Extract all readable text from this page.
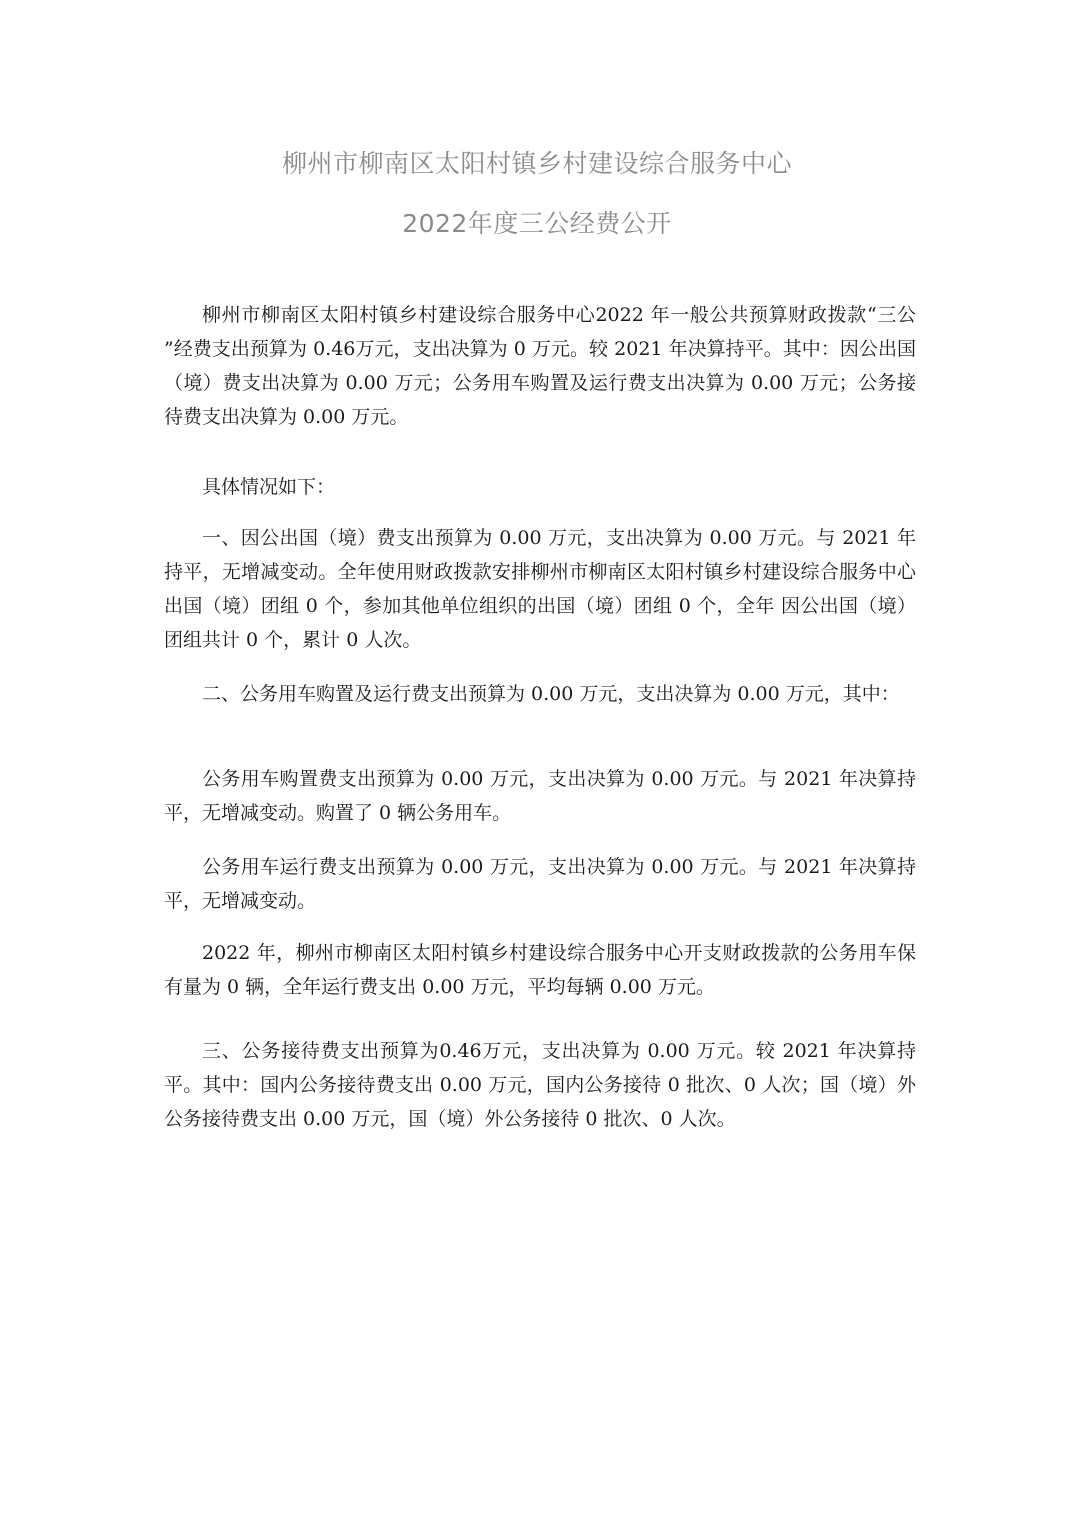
柳州市柳南区太阳村镇乡村建设综合服务中心
2022年度三公经费公开

柳州市柳南区太阳村镇乡村建设综合服务中心2022 年一般公共预算财政拨款“三公 ”经费支出预算为 0.46万元，支出决算为 0 万元。较 2021 年决算持平。其中：因公出国（境）费支出决算为 0.00 万元；公务用车购置及运行费支出决算为 0.00 万元；公务接待费支出决算为 0.00 万元。

具体情况如下：

一、因公出国（境）费支出预算为 0.00 万元，支出决算为 0.00 万元。与 2021 年持平，无增减变动。全年使用财政拨款安排柳州市柳南区太阳村镇乡村建设综合服务中心出国（境）团组 0 个，参加其他单位组织的出国（境）团组 0 个，全年 因公出国（境）团组共计 0 个，累计 0 人次。

二、公务用车购置及运行费支出预算为 0.00 万元，支出决算为 0.00 万元，其中：

公务用车购置费支出预算为 0.00 万元，支出决算为 0.00 万元。与 2021 年决算持平，无增减变动。购置了 0 辆公务用车。

公务用车运行费支出预算为 0.00 万元，支出决算为 0.00 万元。与 2021 年决算持平，无增减变动。

2022 年，柳州市柳南区太阳村镇乡村建设综合服务中心开支财政拨款的公务用车保有量为 0 辆，全年运行费支出 0.00 万元，平均每辆 0.00 万元。

三、公务接待费支出预算为0.46万元，支出决算为 0.00 万元。较 2021 年决算持平。其中：国内公务接待费支出 0.00 万元，国内公务接待 0 批次、0 人次；国（境）外公务接待费支出 0.00 万元，国（境）外公务接待 0 批次、0 人次。
